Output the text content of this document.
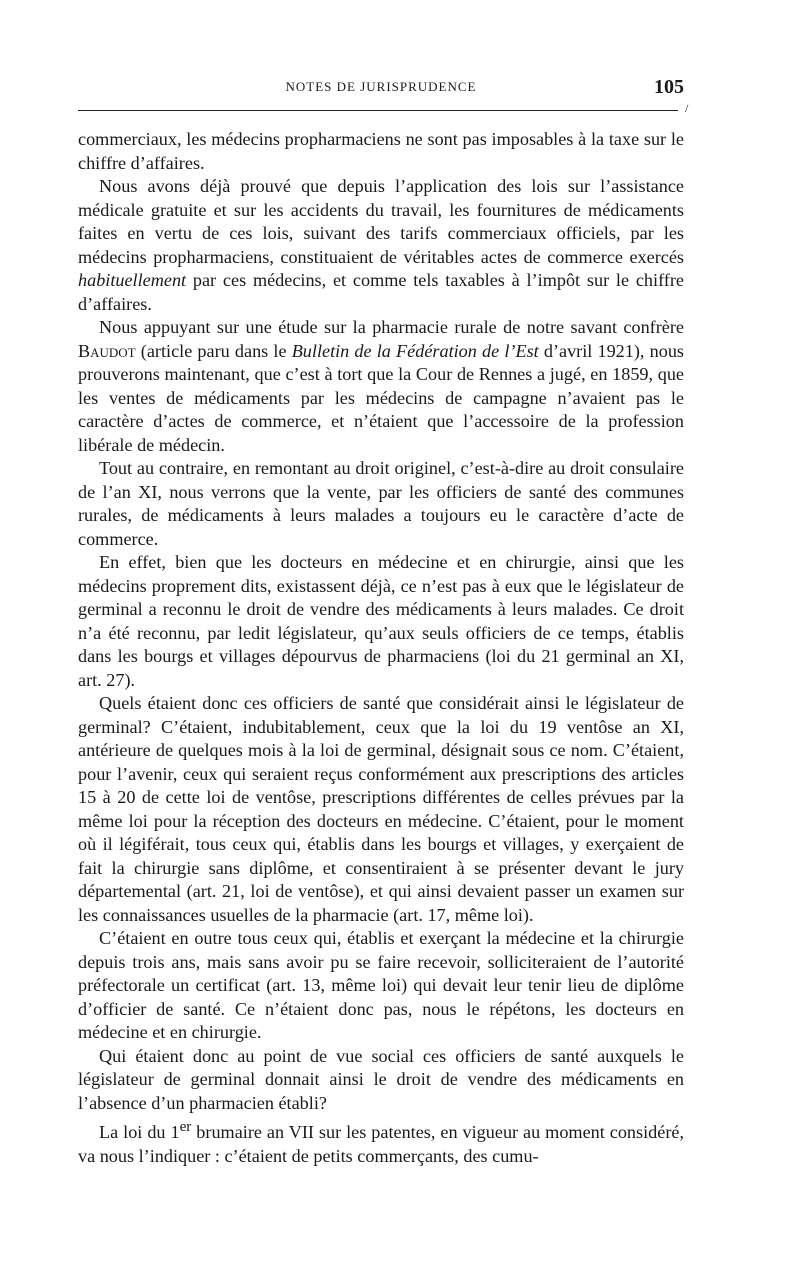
NOTES DE JURISPRUDENCE	105
/

commerciaux, les médecins propharmaciens ne sont pas imposables à la taxe sur le chiffre d’affaires.

Nous avons déjà prouvé que depuis l’application des lois sur l’assistance médicale gratuite et sur les accidents du travail, les fournitures de médicaments faites en vertu de ces lois, suivant des tarifs commerciaux officiels, par les médecins propharmaciens, constituaient de véritables actes de commerce exercés habituellement par ces médecins, et comme tels taxables à l’impôt sur le chiffre d’affaires.

Nous appuyant sur une étude sur la pharmacie rurale de notre savant confrère Baudot (article paru dans le Bulletin de la Fédération de l’Est d’avril 1921), nous prouverons maintenant, que c’est à tort que la Cour de Rennes a jugé, en 1859, que les ventes de médicaments par les médecins de campagne n’avaient pas le caractère d’actes de commerce, et n’étaient que l’accessoire de la profession libérale de médecin.

Tout au contraire, en remontant au droit originel, c’est-à-dire au droit consulaire de l’an XI, nous verrons que la vente, par les officiers de santé des communes rurales, de médicaments à leurs malades a toujours eu le caractère d’acte de commerce.

En effet, bien que les docteurs en médecine et en chirurgie, ainsi que les médecins proprement dits, existassent déjà, ce n’est pas à eux que le législateur de germinal a reconnu le droit de vendre des médicaments à leurs malades. Ce droit n’a été reconnu, par ledit législateur, qu’aux seuls officiers de ce temps, établis dans les bourgs et villages dépourvus de pharmaciens (loi du 21 germinal an XI, art. 27).

Quels étaient donc ces officiers de santé que considérait ainsi le législateur de germinal? C’étaient, indubitablement, ceux que la loi du 19 ventôse an XI, antérieure de quelques mois à la loi de germinal, désignait sous ce nom. C’étaient, pour l’avenir, ceux qui seraient reçus conformément aux prescriptions des articles 15 à 20 de cette loi de ventôse, prescriptions différentes de celles prévues par la même loi pour la réception des docteurs en médecine. C’étaient, pour le moment où il légiférait, tous ceux qui, établis dans les bourgs et villages, y exerçaient de fait la chirurgie sans diplôme, et consentiraient à se présenter devant le jury départemental (art. 21, loi de ventôse), et qui ainsi devaient passer un examen sur les connaissances usuelles de la pharmacie (art. 17, même loi).

C’étaient en outre tous ceux qui, établis et exerçant la médecine et la chirurgie depuis trois ans, mais sans avoir pu se faire recevoir, solliciteraient de l’autorité préfectorale un certificat (art. 13, même loi) qui devait leur tenir lieu de diplôme d’officier de santé. Ce n’étaient donc pas, nous le répétons, les docteurs en médecine et en chirurgie.

Qui étaient donc au point de vue social ces officiers de santé auxquels le législateur de germinal donnait ainsi le droit de vendre des médicaments en l’absence d’un pharmacien établi?

La loi du 1er brumaire an VII sur les patentes, en vigueur au moment considéré, va nous l’indiquer : c’étaient de petits commerçants, des cumu-
